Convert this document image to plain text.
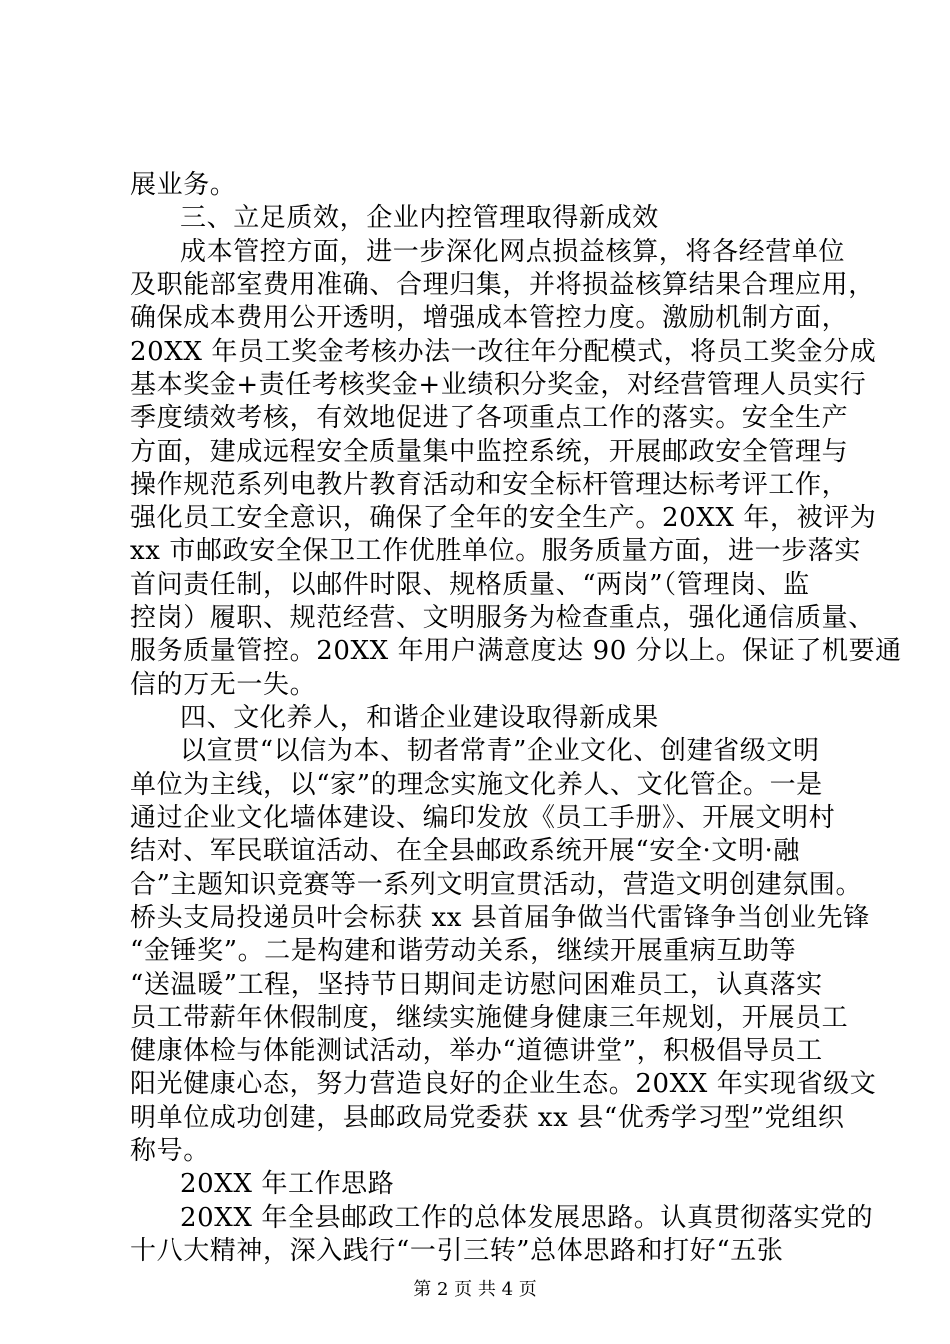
展业务。
三、立足质效，企业内控管理取得新成效
成本管控方面，进一步深化网点损益核算，将各经营单位
及职能部室费用准确、合理归集，并将损益核算结果合理应用，
确保成本费用公开透明，增强成本管控力度。激励机制方面，
20XX 年员工奖金考核办法一改往年分配模式，将员工奖金分成
基本奖金+责任考核奖金+业绩积分奖金，对经营管理人员实行
季度绩效考核，有效地促进了各项重点工作的落实。安全生产
方面，建成远程安全质量集中监控系统，开展邮政安全管理与
操作规范系列电教片教育活动和安全标杆管理达标考评工作，
强化员工安全意识，确保了全年的安全生产。20XX 年，被评为
xx 市邮政安全保卫工作优胜单位。服务质量方面，进一步落实
首问责任制，以邮件时限、规格质量、“两岗”（管理岗、监
控岗）履职、规范经营、文明服务为检查重点，强化通信质量、
服务质量管控。20XX 年用户满意度达 90 分以上。保证了机要通
信的万无一失。
四、文化养人，和谐企业建设取得新成果
以宣贯“以信为本、韧者常青”企业文化、创建省级文明
单位为主线，以“家”的理念实施文化养人、文化管企。一是
通过企业文化墙体建设、编印发放《员工手册》、开展文明村
结对、军民联谊活动、在全县邮政系统开展“安全·文明·融
合”主题知识竞赛等一系列文明宣贯活动，营造文明创建氛围。
桥头支局投递员叶会标获 xx 县首届争做当代雷锋争当创业先锋
“金锤奖”。二是构建和谐劳动关系，继续开展重病互助等
“送温暖”工程，坚持节日期间走访慰问困难员工，认真落实
员工带薪年休假制度，继续实施健身健康三年规划，开展员工
健康体检与体能测试活动，举办“道德讲堂”，积极倡导员工
阳光健康心态，努力营造良好的企业生态。20XX 年实现省级文
明单位成功创建，县邮政局党委获 xx 县“优秀学习型”党组织
称号。
20XX 年工作思路
20XX 年全县邮政工作的总体发展思路。认真贯彻落实党的
十八大精神，深入践行“一引三转”总体思路和打好“五张
第 2 页 共 4 页
